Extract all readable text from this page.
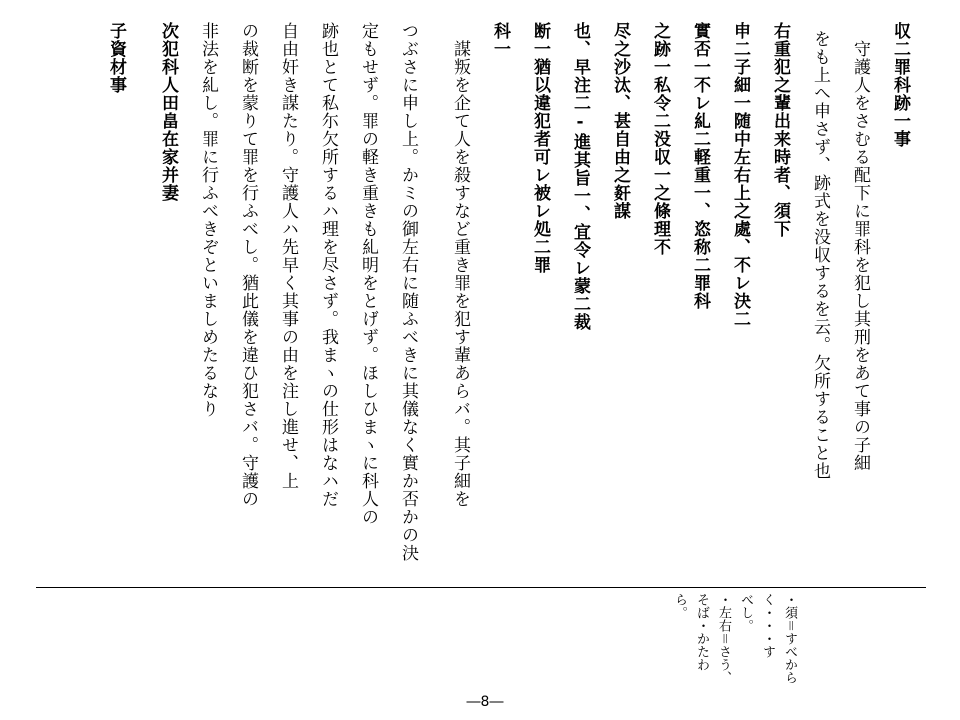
収二罪科跡一事
守護人をさむる配下に罪科を犯し其刑をあて事の子細
をも上へ申さず、跡式を没収するを云。欠所すること也
右重犯之輩出来時者、須下
申二子細一随中左右上之處、不レ決二
實否一不レ糺二軽重一、恣称二罪科
之跡一私令二没収一之條理不
尽之沙汰、甚自由之姧謀
也、早注二-進其旨一、宜令レ蒙二裁
断一猶以違犯者可レ被レ処二罪
科一
謀叛を企て人を殺すなど重き罪を犯す輩あらバ。其子細を
つぶさに申し上。かミの御左右に随ふべきに其儀なく實か否かの決
定もせず。罪の軽き重きも糺明をとげず。ほしひまヽに科人の
跡也とて私尓欠所するハ理を尽さず。我まヽの仕形はなハだ
自由奸き謀たり。守護人ハ先早く其事の由を注し進せ、上
の裁断を蒙りて罪を行ふべし。猶此儀を違ひ犯さバ。守護の
非法を糺し。罪に行ふべきぞといましめたるなり
次犯科人田畠在家并妻
子資材事
・須＝すべから
く・・・す
べし。
・左右＝さう、
そば・かたわ
ら。
―8―
